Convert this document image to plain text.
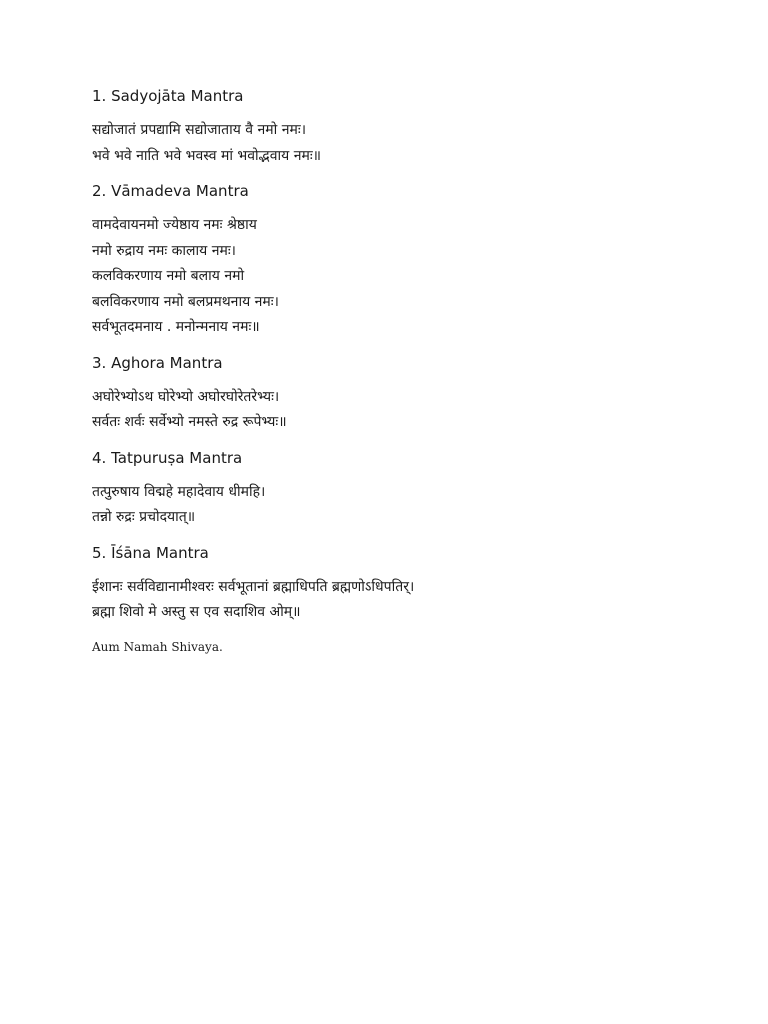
1. Sadyojāta Mantra
सद्योजातं प्रपद्यामि सद्योजाताय वै नमो नमः।
भवे भवे नाति भवे भवस्व मां भवोद्भवाय नमः॥
2. Vāmadeva Mantra
वामदेवायनमो ज्येष्ठाय नमः श्रेष्ठाय
नमो रुद्राय नमः कालाय नमः।
कलविकरणाय नमो बलाय नमो
बलविकरणाय नमो बलप्रमथनाय नमः।
सर्वभूतदमनाय . मनोन्मनाय नमः॥
3. Aghora Mantra
अघोरेभ्योऽथ घोरेभ्यो अघोरघोरेतरेभ्यः।
सर्वतः शर्वः सर्वेभ्यो नमस्ते रुद्र रूपेभ्यः॥
4. Tatpuruṣa Mantra
तत्पुरुषाय विद्महे महादेवाय धीमहि।
तन्नो रुद्रः प्रचोदयात्॥
5. Īśāna Mantra
ईशानः सर्वविद्यानामीश्वरः सर्वभूतानां ब्रह्माधिपति ब्रह्मणोऽधिपतिर्।
ब्रह्मा शिवो मे अस्तु स एव सदाशिव ओम्॥
Aum Namah Shivaya.
